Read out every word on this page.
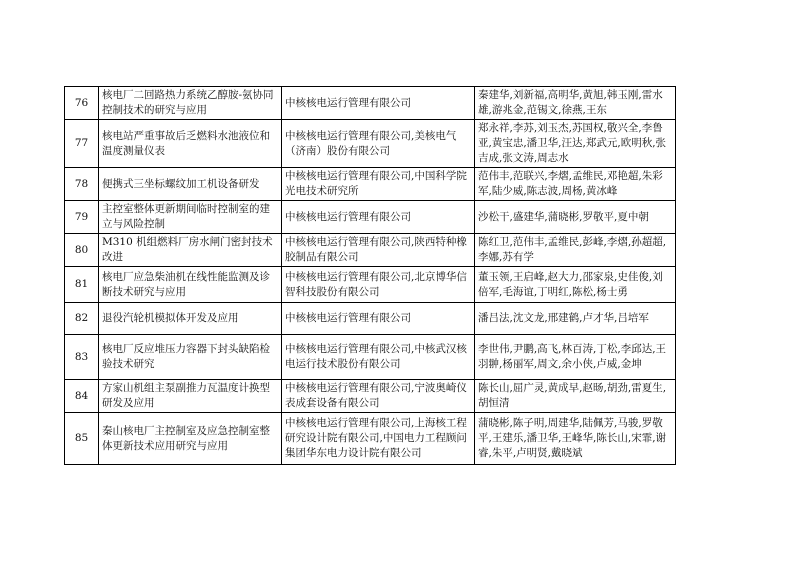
76	核电厂二回路热力系统乙醇胺-氨协同控制技术的研究与应用	中核核电运行管理有限公司	秦建华,刘新福,高明华,黄旭,韩玉刚,雷水雄,游兆金,范锡文,徐燕,王东
77	核电站严重事故后乏燃料水池液位和温度测量仪表	中核核电运行管理有限公司,美核电气（济南）股份有限公司	郑永祥,李苏,刘玉杰,苏国权,敬兴全,李鲁亚,黄宝忠,潘卫华,汪达,郑武元,欧明秋,张吉成,张文涛,周志水
78	便携式三坐标螺纹加工机设备研发	中核核电运行管理有限公司,中国科学院光电技术研究所	范伟丰,范联兴,李熠,孟维民,邓艳超,朱彩军,陆少威,陈志波,周杨,黄冰峰
79	主控室整体更新期间临时控制室的建立与风险控制	中核核电运行管理有限公司	沙松干,盛建华,蒲晓彬,罗敬平,夏中朝
80	M310 机组燃料厂房水闸门密封技术改进	中核核电运行管理有限公司,陕西特种橡胶制品有限公司	陈红卫,范伟丰,孟维民,彭峰,李熠,孙超超,李娜,苏有学
81	核电厂应急柴油机在线性能监测及诊断技术研究与应用	中核核电运行管理有限公司,北京博华信智科技股份有限公司	董玉领,王启峰,赵大力,邵家泉,史佳俊,刘倍军,毛海谊,丁明红,陈松,杨士勇
82	退役汽轮机模拟体开发及应用	中核核电运行管理有限公司	潘吕法,沈文龙,邢建鹤,卢才华,吕培军
83	核电厂反应堆压力容器下封头缺陷检验技术研究	中核核电运行管理有限公司,中核武汉核电运行技术股份有限公司	李世伟,尹鹏,高飞,林百涛,丁松,李邱达,王羽翀,杨丽军,周文,余小侠,卢威,金坤
84	方家山机组主泵副推力瓦温度计换型研发及应用	中核核电运行管理有限公司,宁波奥崎仪表成套设备有限公司	陈长山,屈广灵,黄成早,赵旸,胡劲,雷夏生,胡恒清
85	秦山核电厂主控制室及应急控制室整体更新技术应用研究与应用	中核核电运行管理有限公司,上海核工程研究设计院有限公司,中国电力工程顾问集团华东电力设计院有限公司	蒲晓彬,陈子明,周建华,陆佩芳,马骏,罗敬平,王建乐,潘卫华,王峰华,陈长山,宋霏,谢睿,朱平,卢明贤,戴晓斌
